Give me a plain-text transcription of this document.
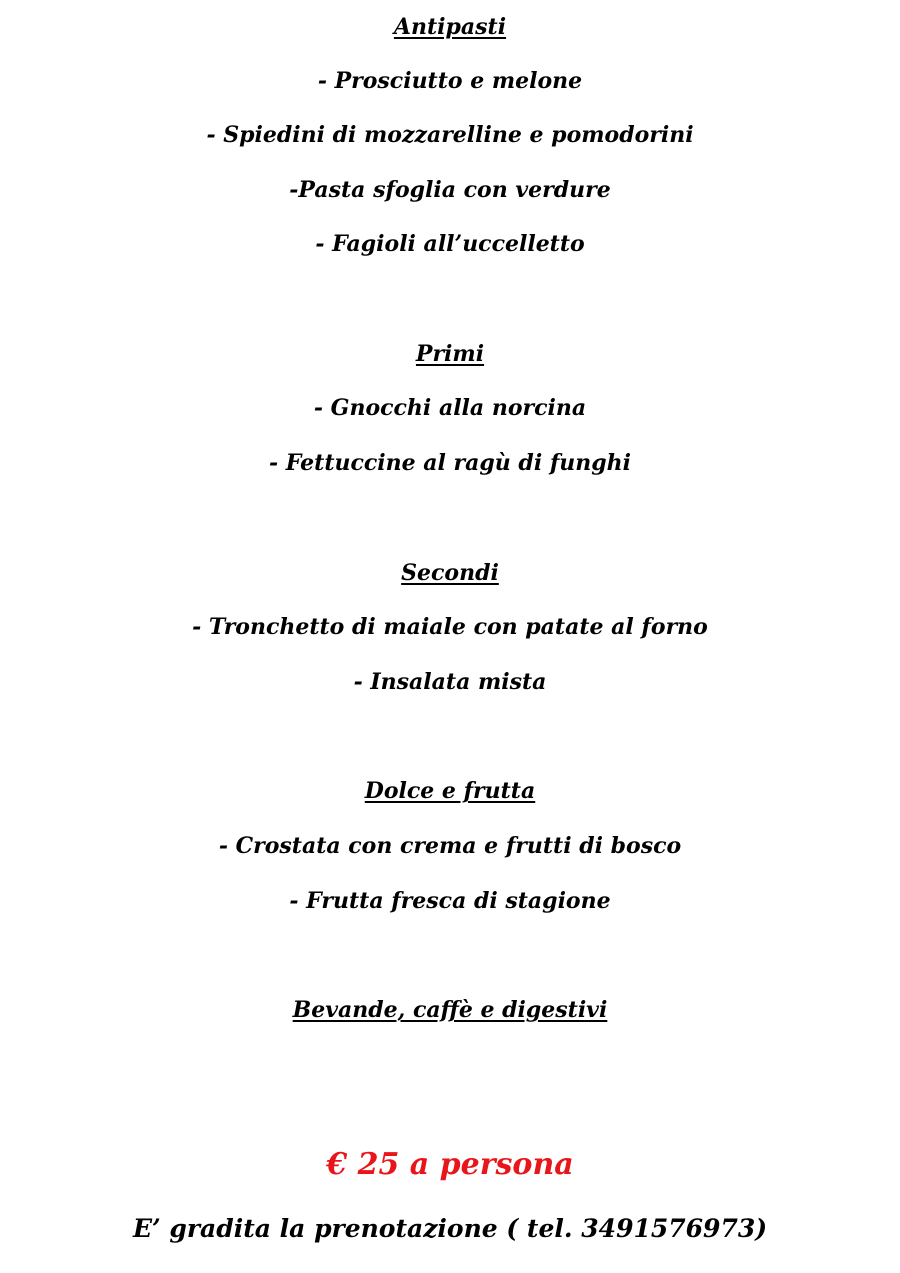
Antipasti
- Prosciutto e melone
- Spiedini di mozzarelline e pomodorini
-Pasta sfoglia con verdure
- Fagioli all’uccelletto
Primi
- Gnocchi alla norcina
- Fettuccine al ragù di funghi
Secondi
- Tronchetto di maiale con patate al forno
- Insalata mista
Dolce e frutta
- Crostata con crema e frutti di bosco
- Frutta fresca di stagione
Bevande, caffè e digestivi
€ 25 a persona
E’ gradita la prenotazione ( tel. 3491576973)
